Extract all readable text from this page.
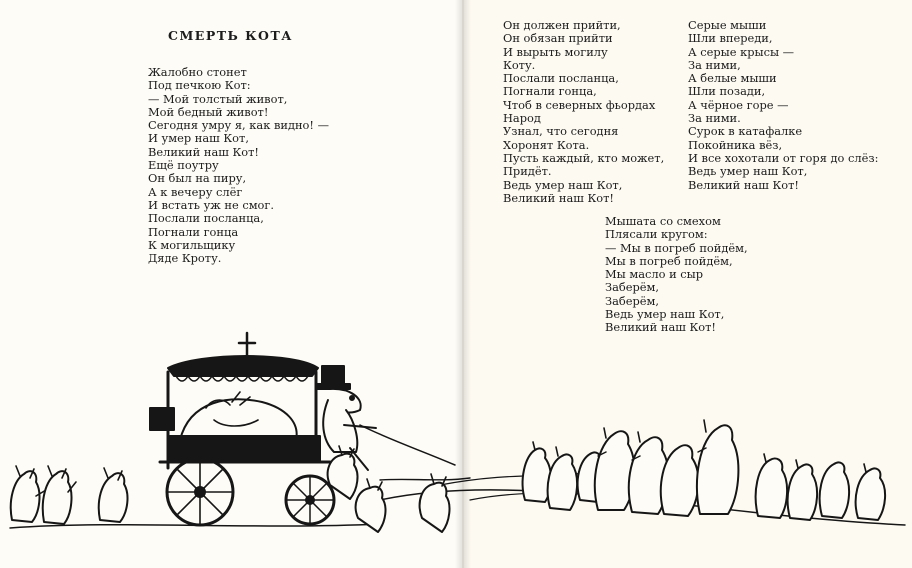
СМЕРТЬ КОТА
Жалобно стонет
Под печкою Кот:
— Мой толстый живот,
Мой бедный живот!
Сегодня умру я, как видно! —
И умер наш Кот,
Великий наш Кот!
Ещё поутру
Он был на пиру,
А к вечеру слёг
И встать уж не смог.
Послали посланца,
Погнали гонца
К могильщику
Дяде Кроту.
Он должен прийти,
Он обязан прийти
И вырыть могилу
Коту.
Послали посланца,
Погнали гонца,
Чтоб в северных фьордах
Народ
Узнал, что сегодня
Хоронят Кота.
Пусть каждый, кто может,
Придёт.
Ведь умер наш Кот,
Великий наш Кот!
Серые мыши
Шли впереди,
А серые крысы —
За ними,
А белые мыши
Шли позади,
А чёрное горе —
За ними.
Сурок в катафалке
Покойника вёз,
И все хохотали от горя до слёз:
Ведь умер наш Кот,
Великий наш Кот!
Мышата со смехом
Плясали кругом:
— Мы в погреб пойдём,
Мы в погреб пойдём,
Мы масло и сыр
Заберём,
Заберём,
Ведь умер наш Кот,
Великий наш Кот!
